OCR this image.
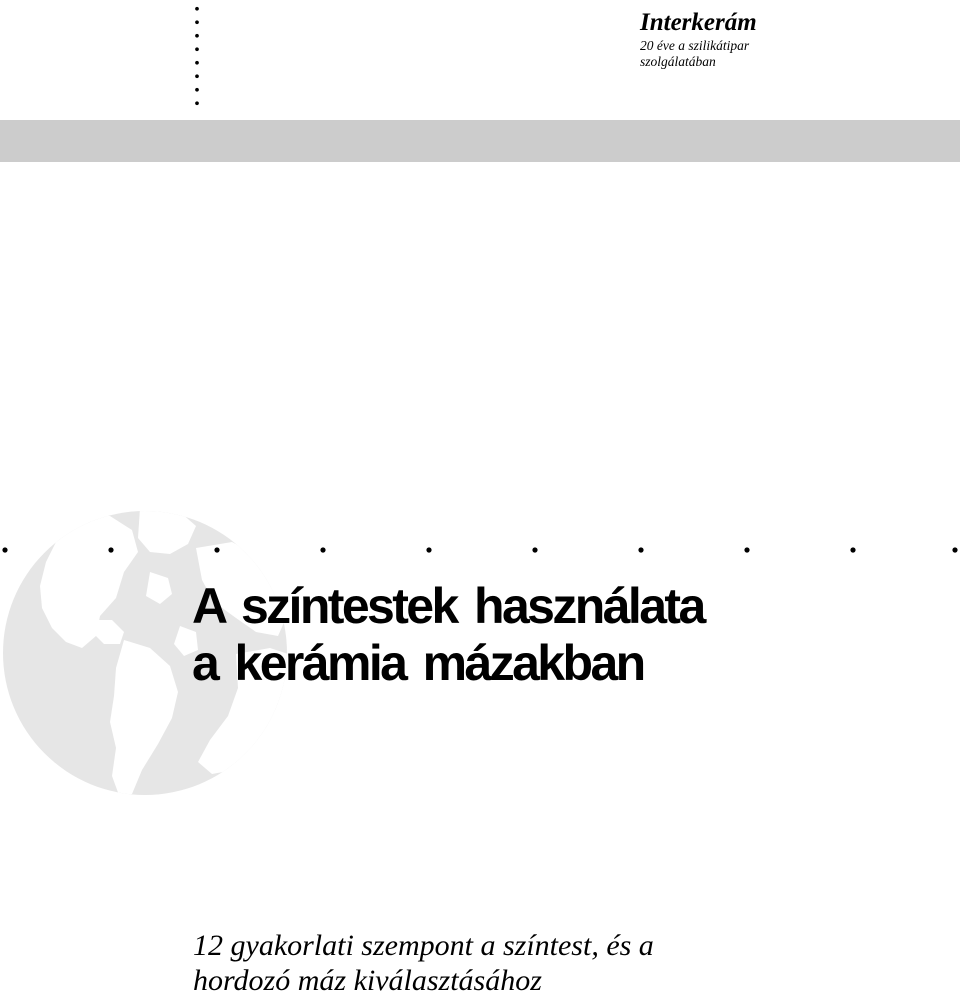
Interkerám
20 éve a szilikátipar
szolgálatában
A színtestek használata
a kerámia mázakban

12 gyakorlati szempont a színtest, és a
hordozó máz kiválasztásához
